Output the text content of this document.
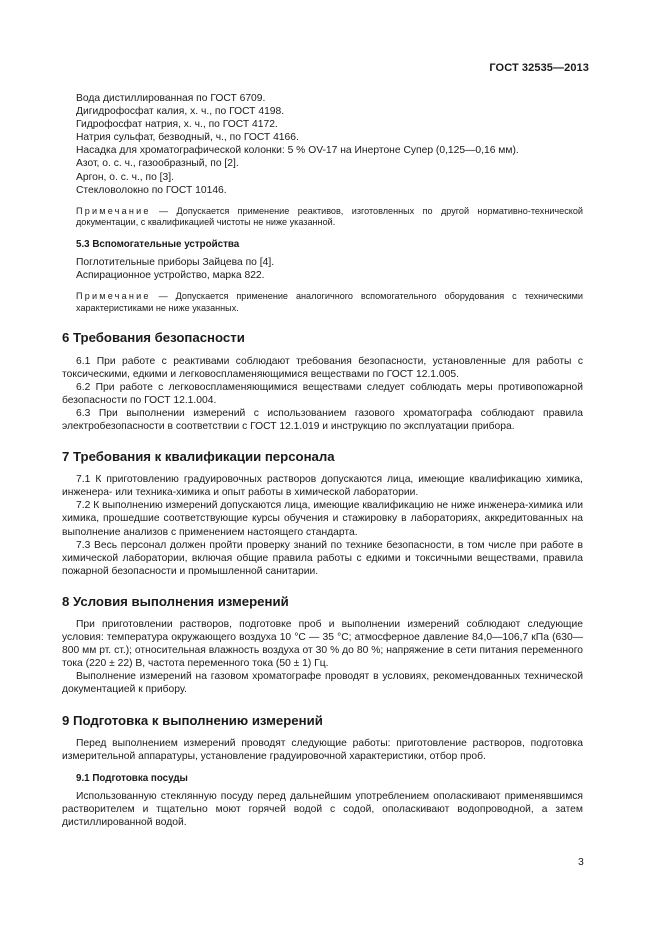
ГОСТ 32535—2013

Вода дистиллированная по ГОСТ 6709.

Дигидрофосфат калия, х. ч., по ГОСТ 4198.

Гидрофосфат натрия, х. ч., по ГОСТ 4172.

Натрия сульфат, безводный, ч., по ГОСТ 4166.

Насадка для хроматографической колонки: 5 % OV-17 на Инертоне Супер (0,125—0,16 мм).

Азот, о. с. ч., газообразный, по [2].

Аргон, о. с. ч., по [3].

Стекловолокно по ГОСТ 10146.

Примечание — Допускается применение реактивов, изготовленных по другой нормативно-технической документации, с квалификацией чистоты не ниже указанной.

5.3 Вспомогательные устройства

Поглотительные приборы Зайцева по [4].

Аспирационное устройство, марка 822.

Примечание — Допускается применение аналогичного вспомогательного оборудования с техническими характеристиками не ниже указанных.

6 Требования безопасности

6.1 При работе с реактивами соблюдают требования безопасности, установленные для работы с токсическими, едкими и легковоспламеняющимися веществами по ГОСТ 12.1.005.

6.2 При работе с легковоспламеняющимися веществами следует соблюдать меры противопожарной безопасности по ГОСТ 12.1.004.

6.3 При выполнении измерений с использованием газового хроматографа соблюдают правила электробезопасности в соответствии с ГОСТ 12.1.019 и инструкцию по эксплуатации прибора.

7 Требования к квалификации персонала

7.1 К приготовлению градуировочных растворов допускаются лица, имеющие квалификацию химика, инженера- или техника-химика и опыт работы в химической лаборатории.

7.2 К выполнению измерений допускаются лица, имеющие квалификацию не ниже инженера-химика или химика, прошедшие соответствующие курсы обучения и стажировку в лабораториях, аккредитованных на выполнение анализов с применением настоящего стандарта.

7.3 Весь персонал должен пройти проверку знаний по технике безопасности, в том числе при работе в химической лаборатории, включая общие правила работы с едкими и токсичными веществами, правила пожарной безопасности и промышленной санитарии.

8 Условия выполнения измерений

При приготовлении растворов, подготовке проб и выполнении измерений соблюдают следующие условия: температура окружающего воздуха 10 °С — 35 °С; атмосферное давление 84,0—106,7 кПа (630—800 мм рт. ст.); относительная влажность воздуха от 30 % до 80 %; напряжение в сети питания переменного тока (220 ± 22) В, частота переменного тока (50 ± 1) Гц.

Выполнение измерений на газовом хроматографе проводят в условиях, рекомендованных технической документацией к прибору.

9 Подготовка к выполнению измерений

Перед выполнением измерений проводят следующие работы: приготовление растворов, подготовка измерительной аппаратуры, установление градуировочной характеристики, отбор проб.

9.1 Подготовка посуды

Использованную стеклянную посуду перед дальнейшим употреблением ополаскивают применявшимся растворителем и тщательно моют горячей водой с содой, ополаскивают водопроводной, а затем дистиллированной водой.

3
